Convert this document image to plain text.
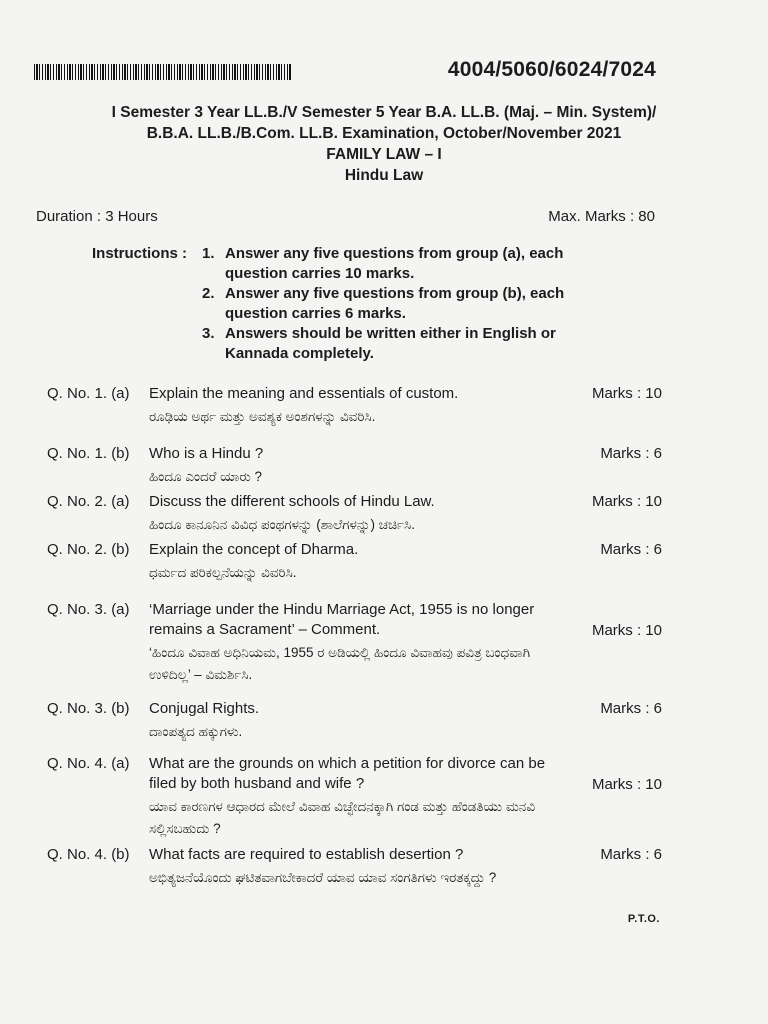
4004/5060/6024/7024
I Semester 3 Year LL.B./V Semester 5 Year B.A. LL.B. (Maj. – Min. System)/
B.B.A. LL.B./B.Com. LL.B. Examination, October/November 2021
FAMILY LAW – I
Hindu Law
Duration : 3 Hours	Max. Marks : 80
Instructions : 1. Answer any five questions from group (a), each question carries 10 marks.
2. Answer any five questions from group (b), each question carries 6 marks.
3. Answers should be written either in English or Kannada completely.
Q. No. 1. (a) Explain the meaning and essentials of custom.
ರೂಢಿಯ ಅರ್ಥ ಮತ್ತು ಅವಶ್ಯಕ ಅಂಶಗಳನ್ನು ವಿವರಿಸಿ.
Marks : 10
Q. No. 1. (b) Who is a Hindu ?
ಹಿಂದೂ ಎಂದರೆ ಯಾರು ?
Marks : 6
Q. No. 2. (a) Discuss the different schools of Hindu Law.
ಹಿಂದೂ ಕಾನೂನಿನ ವಿವಿಧ ಪಂಥಗಳನ್ನು (ಶಾಲೆಗಳನ್ನು) ಚರ್ಚಿಸಿ.
Marks : 10
Q. No. 2. (b) Explain the concept of Dharma.
ಧರ್ಮದ ಪರಿಕಲ್ಪನೆಯನ್ನು ವಿವರಿಸಿ.
Marks : 6
Q. No. 3. (a) ‘Marriage under the Hindu Marriage Act, 1955 is no longer remains a Sacrament’ – Comment.
‘ಹಿಂದೂ ವಿವಾಹ ಅಧಿನಿಯಮ, 1955 ರ ಅಡಿಯಲ್ಲಿ ಹಿಂದೂ ವಿವಾಹವು ಪವಿತ್ರ ಬಂಧವಾಗಿ ಉಳಿದಿಲ್ಲ’ – ವಿಮರ್ಶಿಸಿ.
Marks : 10
Q. No. 3. (b) Conjugal Rights.
ದಾಂಪತ್ಯದ ಹಕ್ಕುಗಳು.
Marks : 6
Q. No. 4. (a) What are the grounds on which a petition for divorce can be filed by both husband and wife ?
ಯಾವ ಕಾರಣಗಳ ಆಧಾರದ ಮೇಲೆ ವಿವಾಹ ವಿಚ್ಛೇದನಕ್ಕಾಗಿ ಗಂಡ ಮತ್ತು ಹೆಂಡತಿಯು ಮನವಿ ಸಲ್ಲಿಸಬಹುದು ?
Marks : 10
Q. No. 4. (b) What facts are required to establish desertion ?
ಅಭಿತ್ಯಜನೆಯೊಂದು ಘಟಿತವಾಗಬೇಕಾದರೆ ಯಾವ ಯಾವ ಸಂಗತಿಗಳು ಇರತಕ್ಕದ್ದು ?
Marks : 6
P.T.O.
